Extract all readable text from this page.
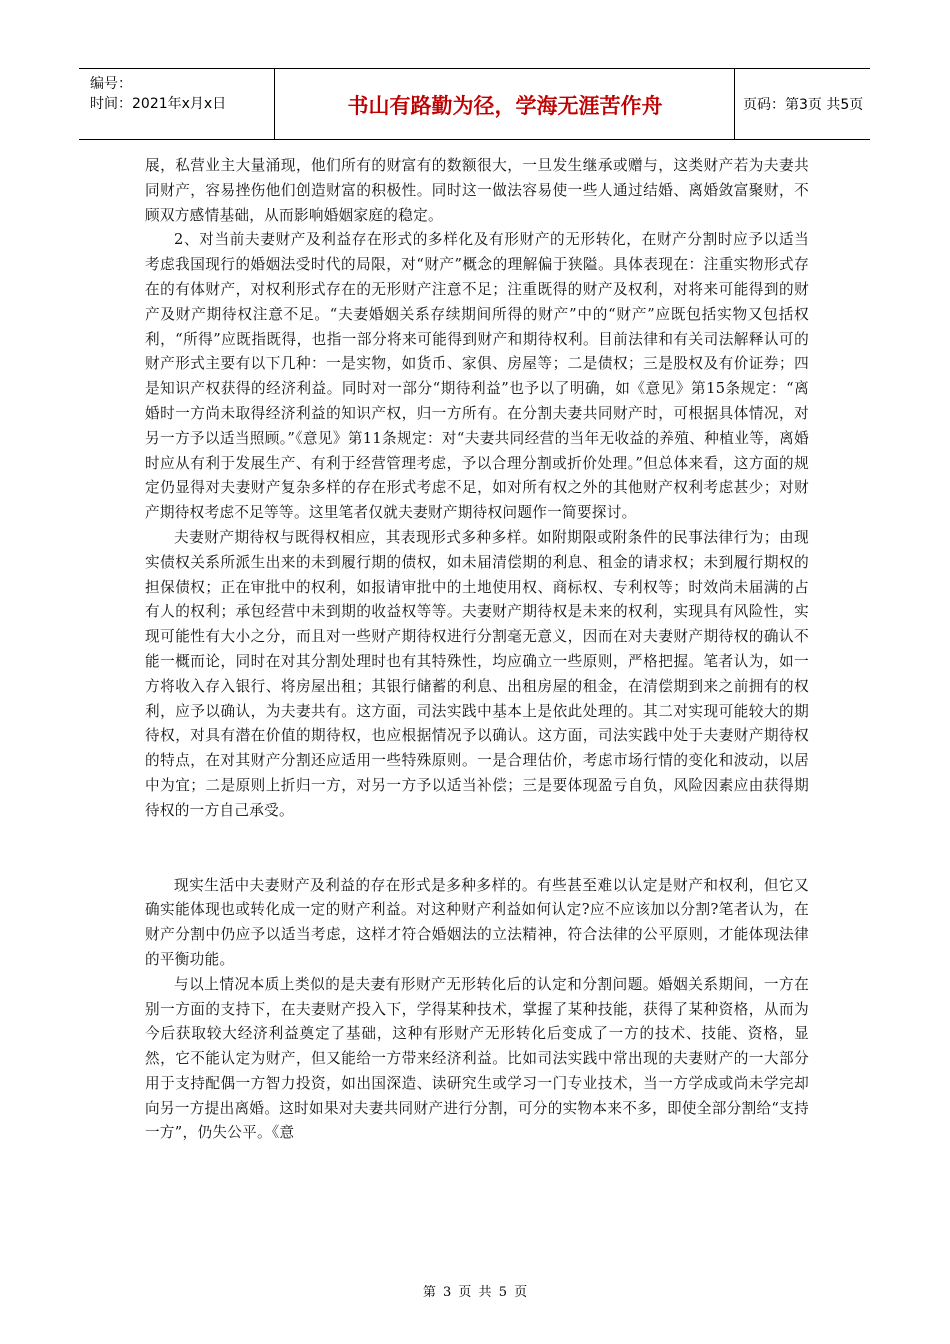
编号：
时间：2021年x月x日	书山有路勤为径，学海无涯苦作舟	页码：第3页 共5页

展，私营业主大量涌现，他们所有的财富有的数额很大，一旦发生继承或赠与，这类财产若为夫妻共同财产，容易挫伤他们创造财富的积极性。同时这一做法容易使一些人通过结婚、离婚敛富聚财，不顾双方感情基础，从而影响婚姻家庭的稳定。

2、对当前夫妻财产及利益存在形式的多样化及有形财产的无形转化，在财产分割时应予以适当考虑我国现行的婚姻法受时代的局限，对“财产”概念的理解偏于狭隘。具体表现在：注重实物形式存在的有体财产，对权利形式存在的无形财产注意不足；注重既得的财产及权利，对将来可能得到的财产及财产期待权注意不足。“夫妻婚姻关系存续期间所得的财产”中的“财产”应既包括实物又包括权利，“所得”应既指既得，也指一部分将来可能得到财产和期待权利。目前法律和有关司法解释认可的财产形式主要有以下几种：一是实物，如货币、家俱、房屋等；二是债权；三是股权及有价证券；四是知识产权获得的经济利益。同时对一部分“期待利益”也予以了明确，如《意见》第15条规定：“离婚时一方尚未取得经济利益的知识产权，归一方所有。在分割夫妻共同财产时，可根据具体情况，对另一方予以适当照顾。”《意见》第11条规定：对“夫妻共同经营的当年无收益的养殖、种植业等，离婚时应从有利于发展生产、有利于经营管理考虑，予以合理分割或折价处理。”但总体来看，这方面的规定仍显得对夫妻财产复杂多样的存在形式考虑不足，如对所有权之外的其他财产权利考虑甚少；对财产期待权考虑不足等等。这里笔者仅就夫妻财产期待权问题作一简要探讨。

夫妻财产期待权与既得权相应，其表现形式多种多样。如附期限或附条件的民事法律行为；由现实债权关系所派生出来的未到履行期的债权，如未届清偿期的利息、租金的请求权；未到履行期权的担保债权；正在审批中的权利，如报请审批中的土地使用权、商标权、专利权等；时效尚未届满的占有人的权利；承包经营中未到期的收益权等等。夫妻财产期待权是未来的权利，实现具有风险性，实现可能性有大小之分，而且对一些财产期待权进行分割毫无意义，因而在对夫妻财产期待权的确认不能一概而论，同时在对其分割处理时也有其特殊性，均应确立一些原则，严格把握。笔者认为，如一方将收入存入银行、将房屋出租；其银行储蓄的利息、出租房屋的租金，在清偿期到来之前拥有的权利，应予以确认，为夫妻共有。这方面，司法实践中基本上是依此处理的。其二对实现可能较大的期待权，对具有潜在价值的期待权，也应根据情况予以确认。这方面，司法实践中处于夫妻财产期待权的特点，在对其财产分割还应适用一些特殊原则。一是合理估价，考虑市场行情的变化和波动，以居中为宜；二是原则上折归一方，对另一方予以适当补偿；三是要体现盈亏自负，风险因素应由获得期待权的一方自己承受。

现实生活中夫妻财产及利益的存在形式是多种多样的。有些甚至难以认定是财产和权利，但它又确实能体现也或转化成一定的财产利益。对这种财产利益如何认定?应不应该加以分割?笔者认为，在财产分割中仍应予以适当考虑，这样才符合婚姻法的立法精神，符合法律的公平原则，才能体现法律的平衡功能。

与以上情况本质上类似的是夫妻有形财产无形转化后的认定和分割问题。婚姻关系期间，一方在别一方面的支持下，在夫妻财产投入下，学得某种技术，掌握了某种技能，获得了某种资格，从而为今后获取较大经济利益奠定了基础，这种有形财产无形转化后变成了一方的技术、技能、资格，显然，它不能认定为财产，但又能给一方带来经济利益。比如司法实践中常出现的夫妻财产的一大部分用于支持配偶一方智力投资，如出国深造、读研究生或学习一门专业技术，当一方学成或尚未学完却向另一方提出离婚。这时如果对夫妻共同财产进行分割，可分的实物本来不多，即使全部分割给“支持一方”，仍失公平。《意

第 3 页 共 5 页
